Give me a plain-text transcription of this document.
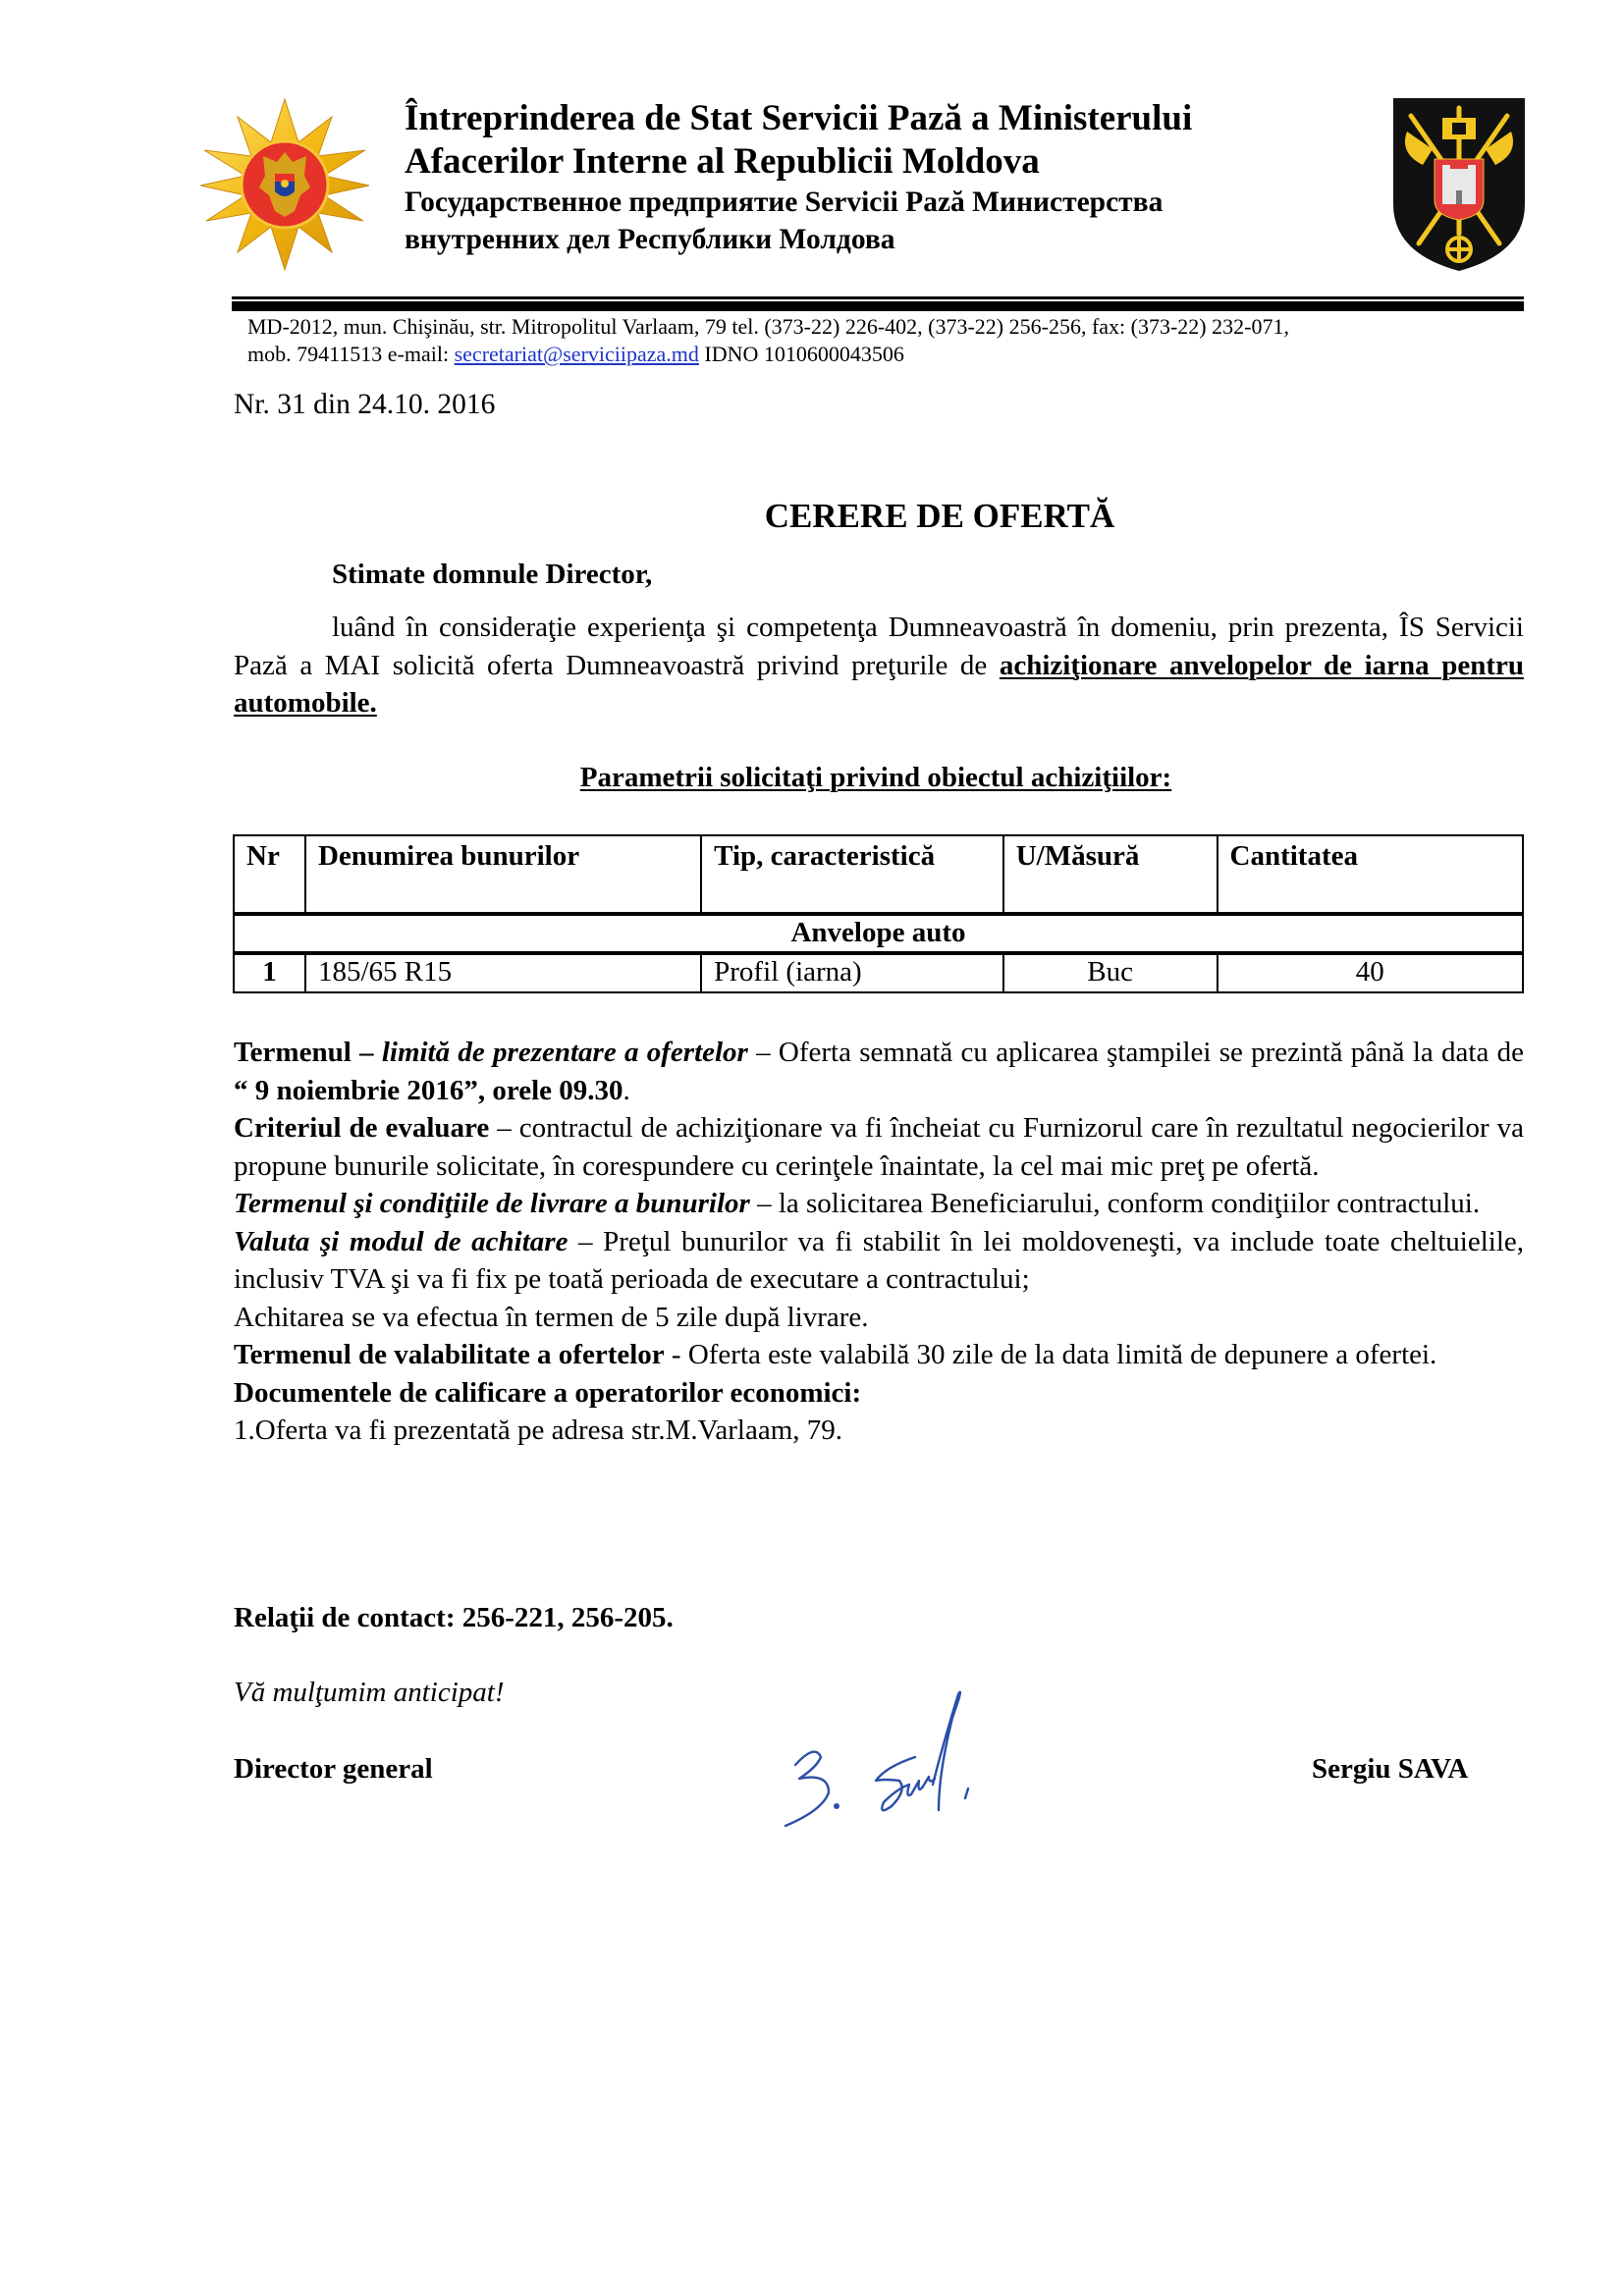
Întreprinderea de Stat Servicii Pază a Ministerului
Afacerilor Interne al Republicii Moldova
Государственное предприятие Servicii Pază Министерства
внутренних дел Республики Молдова
MD-2012, mun. Chişinău, str. Mitropolitul Varlaam, 79 tel. (373-22) 226-402, (373-22) 256-256, fax: (373-22) 232-071,
mob. 79411513 e-mail: secretariat@serviciipaza.md IDNO 1010600043506
Nr. 31 din 24.10. 2016
CERERE DE OFERTĂ
Stimate domnule Director,

luând în consideraţie experienţa şi competenţa Dumneavoastră în domeniu, prin prezenta, ÎS Servicii Pază a MAI solicită oferta Dumneavoastră privind preţurile de achiziţionare anvelopelor de iarna pentru automobile.

Parametrii solicitaţi privind obiectul achiziţiilor:
Nr	Denumirea bunurilor	Tip, caracteristică	U/Măsură	Cantitatea
Anvelope auto				
1	185/65 R15	Profil (iarna)	Buc	40

Termenul – limită de prezentare a ofertelor – Oferta semnată cu aplicarea ştampilei se prezintă până la data de “ 9 noiembrie 2016”, orele 09.30.

Criteriul de evaluare – contractul de achiziţionare va fi încheiat cu Furnizorul care în rezultatul negocierilor va propune bunurile solicitate, în corespundere cu cerinţele înaintate, la cel mai mic preţ pe ofertă.

Termenul şi condiţiile de livrare a bunurilor – la solicitarea Beneficiarului, conform condiţiilor contractului.

Valuta şi modul de achitare – Preţul bunurilor va fi stabilit în lei moldoveneşti, va include toate cheltuielile, inclusiv TVA şi va fi fix pe toată perioada de executare a contractului;

Achitarea se va efectua în termen de 5 zile după livrare.

Termenul de valabilitate a ofertelor - Oferta este valabilă 30 zile de la data limită de depunere a ofertei.

Documentele de calificare a operatorilor economici:

1.Oferta va fi prezentată pe adresa str.M.Varlaam, 79.

Relaţii de contact: 256-221, 256-205.
Vă mulţumim anticipat!
Director general	Sergiu SAVA
